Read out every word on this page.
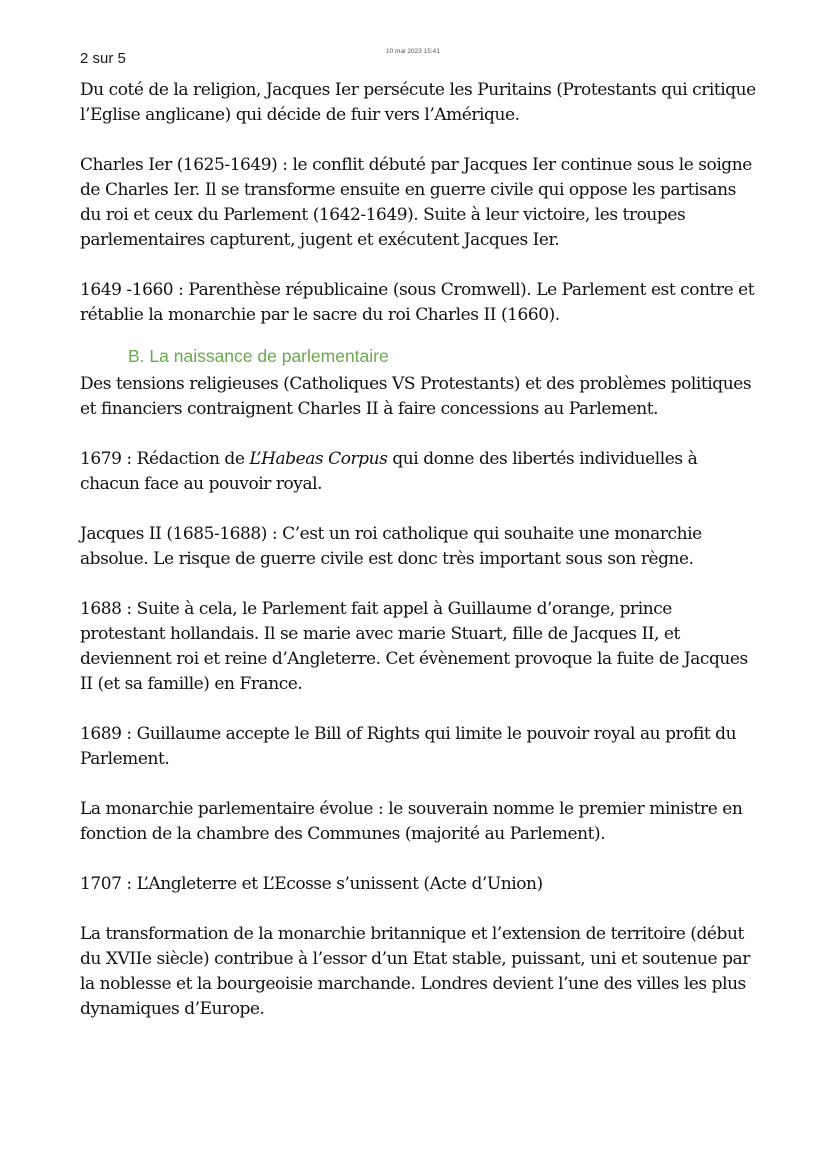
2 sur 5	10 mai 2023 15:41

Du coté de la religion, Jacques Ier persécute les Puritains (Protestants qui critique l’Eglise anglicane) qui décide de fuir vers l’Amérique.

Charles Ier (1625-1649) : le conflit débuté par Jacques Ier continue sous le soigne de Charles Ier. Il se transforme ensuite en guerre civile qui oppose les partisans du roi et ceux du Parlement (1642-1649). Suite à leur victoire, les troupes parlementaires capturent, jugent et exécutent Jacques Ier.

1649 -1660 : Parenthèse républicaine (sous Cromwell). Le Parlement est contre et rétablie la monarchie par le sacre du roi Charles II (1660).

B. La naissance de parlementaire

Des tensions religieuses (Catholiques VS Protestants) et des problèmes politiques et financiers contraignent Charles II à faire concessions au Parlement.

1679 : Rédaction de L’Habeas Corpus qui donne des libertés individuelles à chacun face au pouvoir royal.

Jacques II (1685-1688) : C’est un roi catholique qui souhaite une monarchie absolue. Le risque de guerre civile est donc très important sous son règne.

1688 : Suite à cela, le Parlement fait appel à Guillaume d’orange, prince protestant hollandais. Il se marie avec marie Stuart, fille de Jacques II, et deviennent roi et reine d’Angleterre. Cet évènement provoque la fuite de Jacques II (et sa famille) en France.

1689 : Guillaume accepte le Bill of Rights qui limite le pouvoir royal au profit du Parlement.

La monarchie parlementaire évolue : le souverain nomme le premier ministre en fonction de la chambre des Communes (majorité au Parlement).

1707 : L’Angleterre et L’Ecosse s’unissent (Acte d’Union)

La transformation de la monarchie britannique et l’extension de territoire (début du XVIIe siècle) contribue à l’essor d’un Etat stable, puissant, uni et soutenue par la noblesse et la bourgeoisie marchande. Londres devient l’une des villes les plus dynamiques d’Europe.
